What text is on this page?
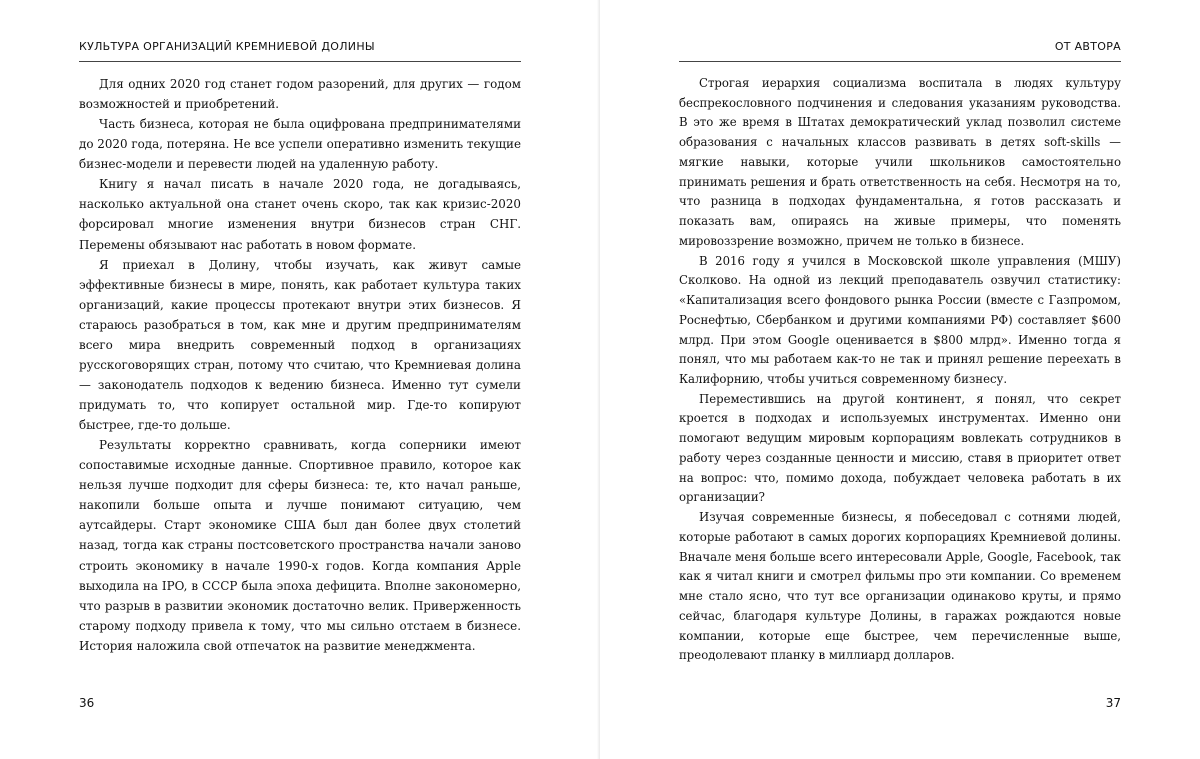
КУЛЬТУРА ОРГАНИЗАЦИЙ КРЕМНИЕВОЙ ДОЛИНЫ

Для одних 2020 год станет годом разорений, для других — годом возможностей и приобретений.

Часть бизнеса, которая не была оцифрована предпринимателями до 2020 года, потеряна. Не все успели оперативно изменить текущие бизнес-модели и перевести людей на удаленную работу.

Книгу я начал писать в начале 2020 года, не догадываясь, насколько актуальной она станет очень скоро, так как кризис-2020 форсировал многие изменения внутри бизнесов стран СНГ. Перемены обязывают нас работать в новом формате.

Я приехал в Долину, чтобы изучать, как живут самые эффективные бизнесы в мире, понять, как работает культура таких организаций, какие процессы протекают внутри этих бизнесов. Я стараюсь разобраться в том, как мне и другим предпринимателям всего мира внедрить современный подход в организациях русскоговорящих стран, потому что считаю, что Кремниевая долина — законодатель подходов к ведению бизнеса. Именно тут сумели придумать то, что копирует остальной мир. Где-то копируют быстрее, где-то дольше.

Результаты корректно сравнивать, когда соперники имеют сопоставимые исходные данные. Спортивное правило, которое как нельзя лучше подходит для сферы бизнеса: те, кто начал раньше, накопили больше опыта и лучше понимают ситуацию, чем аутсайдеры. Старт экономике США был дан более двух столетий назад, тогда как страны постсоветского пространства начали заново строить экономику в начале 1990-х годов. Когда компания Apple выходила на IPO, в СССР была эпоха дефицита. Вполне закономерно, что разрыв в развитии экономик достаточно велик. Приверженность старому подходу привела к тому, что мы сильно отстаем в бизнесе. История наложила свой отпечаток на развитие менеджмента.

36
ОТ АВТОРА

Строгая иерархия социализма воспитала в людях культуру беспрекословного подчинения и следования указаниям руководства. В это же время в Штатах демократический уклад позволил системе образования с начальных классов развивать в детях soft-skills — мягкие навыки, которые учили школьников самостоятельно принимать решения и брать ответственность на себя. Несмотря на то, что разница в подходах фундаментальна, я готов рассказать и показать вам, опираясь на живые примеры, что поменять мировоззрение возможно, причем не только в бизнесе.

В 2016 году я учился в Московской школе управления (МШУ) Сколково. На одной из лекций преподаватель озвучил статистику: «Капитализация всего фондового рынка России (вместе с Газпромом, Роснефтью, Сбербанком и другими компаниями РФ) составляет $600 млрд. При этом Google оценивается в $800 млрд». Именно тогда я понял, что мы работаем как-то не так и принял решение переехать в Калифорнию, чтобы учиться современному бизнесу.

Переместившись на другой континент, я понял, что секрет кроется в подходах и используемых инструментах. Именно они помогают ведущим мировым корпорациям вовлекать сотрудников в работу через созданные ценности и миссию, ставя в приоритет ответ на вопрос: что, помимо дохода, побуждает человека работать в их организации?

Изучая современные бизнесы, я побеседовал с сотнями людей, которые работают в самых дорогих корпорациях Кремниевой долины. Вначале меня больше всего интересовали Apple, Google, Facebook, так как я читал книги и смотрел фильмы про эти компании. Со временем мне стало ясно, что тут все организации одинаково круты, и прямо сейчас, благодаря культуре Долины, в гаражах рождаются новые компании, которые еще быстрее, чем перечисленные выше, преодолевают планку в миллиард долларов.

37
